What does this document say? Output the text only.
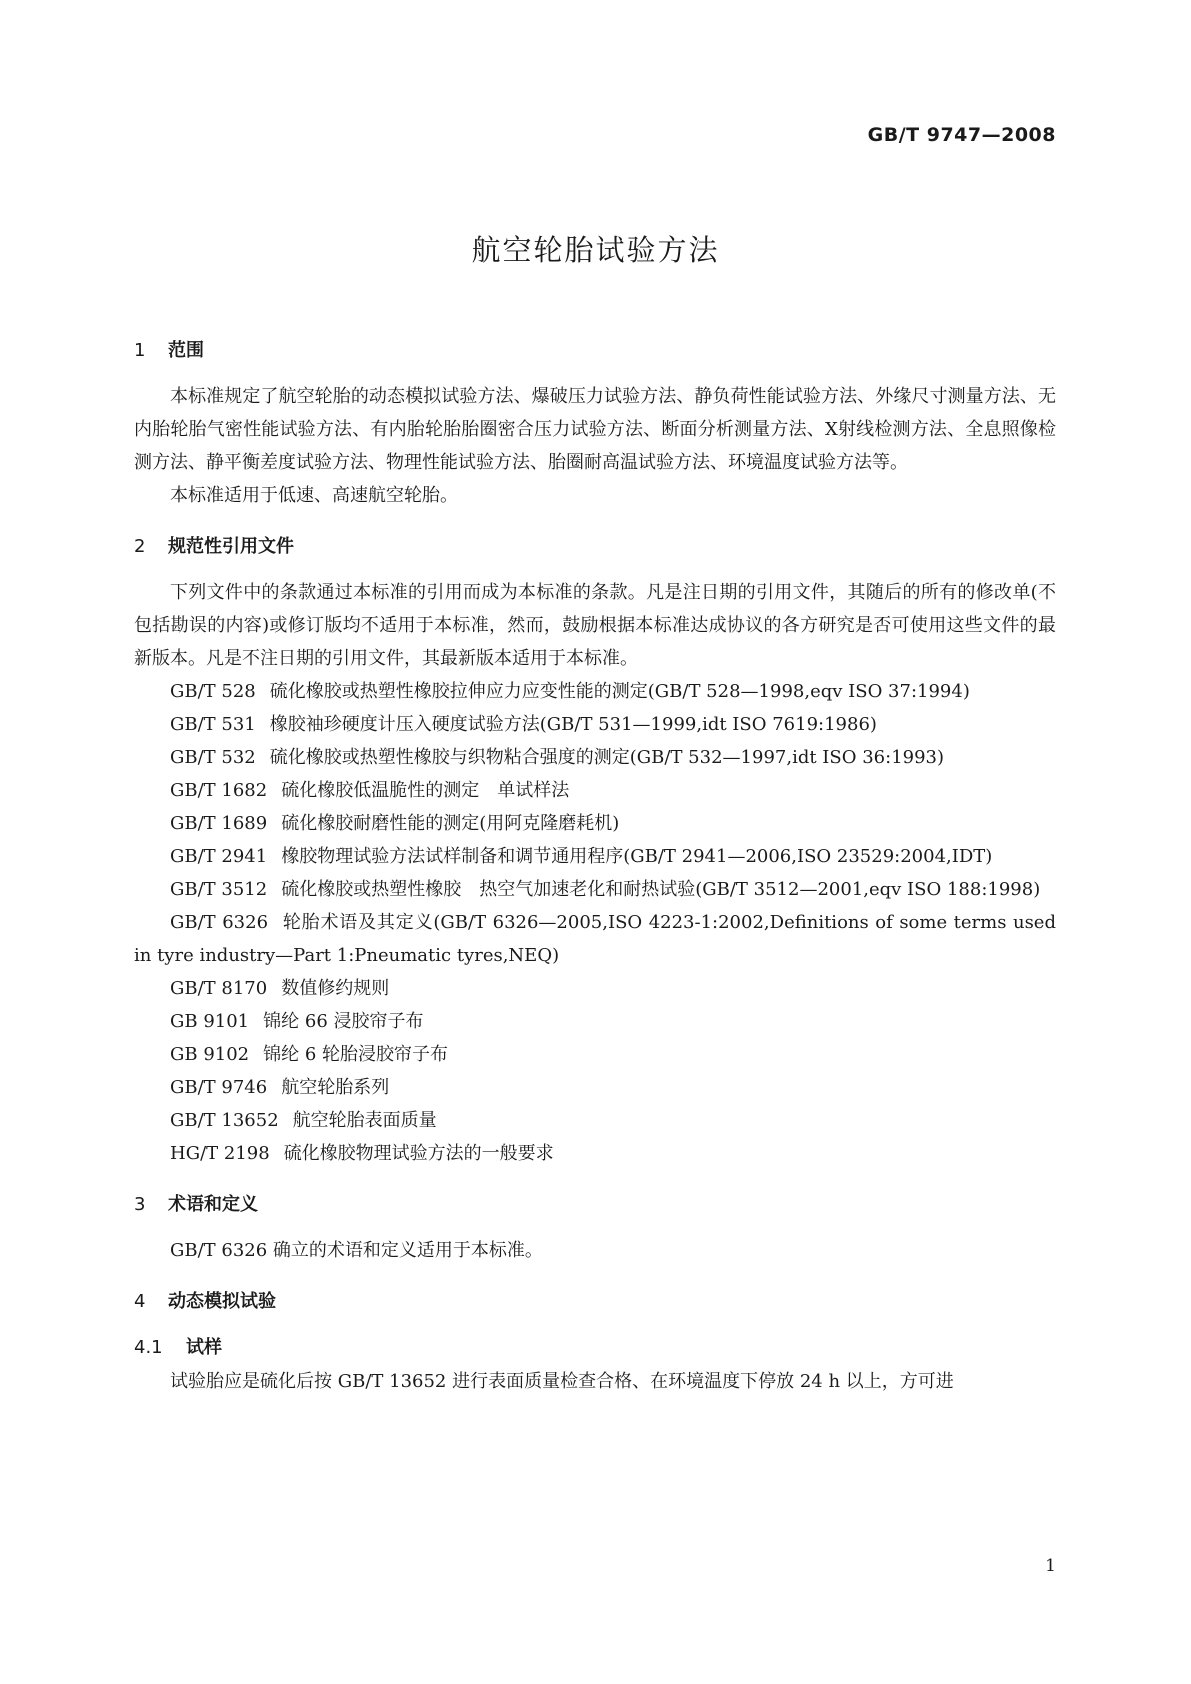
GB/T 9747—2008
航空轮胎试验方法
1 范围

本标准规定了航空轮胎的动态模拟试验方法、爆破压力试验方法、静负荷性能试验方法、外缘尺寸测量方法、无内胎轮胎气密性能试验方法、有内胎轮胎胎圈密合压力试验方法、断面分析测量方法、X射线检测方法、全息照像检测方法、静平衡差度试验方法、物理性能试验方法、胎圈耐高温试验方法、环境温度试验方法等。

本标准适用于低速、高速航空轮胎。

2 规范性引用文件

下列文件中的条款通过本标准的引用而成为本标准的条款。凡是注日期的引用文件，其随后的所有的修改单(不包括勘误的内容)或修订版均不适用于本标准，然而，鼓励根据本标准达成协议的各方研究是否可使用这些文件的最新版本。凡是不注日期的引用文件，其最新版本适用于本标准。

GB/T 528 硫化橡胶或热塑性橡胶拉伸应力应变性能的测定(GB/T 528—1998,eqv ISO 37:1994)

GB/T 531 橡胶袖珍硬度计压入硬度试验方法(GB/T 531—1999,idt ISO 7619:1986)

GB/T 532 硫化橡胶或热塑性橡胶与织物粘合强度的测定(GB/T 532—1997,idt ISO 36:1993)

GB/T 1682 硫化橡胶低温脆性的测定　单试样法

GB/T 1689 硫化橡胶耐磨性能的测定(用阿克隆磨耗机)

GB/T 2941 橡胶物理试验方法试样制备和调节通用程序(GB/T 2941—2006,ISO 23529:2004,IDT)

GB/T 3512 硫化橡胶或热塑性橡胶　热空气加速老化和耐热试验(GB/T 3512—2001,eqv ISO 188:1998)

GB/T 6326 轮胎术语及其定义(GB/T 6326—2005,ISO 4223-1:2002,Definitions of some terms used in tyre industry—Part 1:Pneumatic tyres,NEQ)

GB/T 8170 数值修约规则

GB 9101 锦纶 66 浸胶帘子布

GB 9102 锦纶 6 轮胎浸胶帘子布

GB/T 9746 航空轮胎系列

GB/T 13652 航空轮胎表面质量

HG/T 2198 硫化橡胶物理试验方法的一般要求

3 术语和定义

GB/T 6326 确立的术语和定义适用于本标准。

4 动态模拟试验
4.1 试样

试验胎应是硫化后按 GB/T 13652 进行表面质量检查合格、在环境温度下停放 24 h 以上，方可进

1
